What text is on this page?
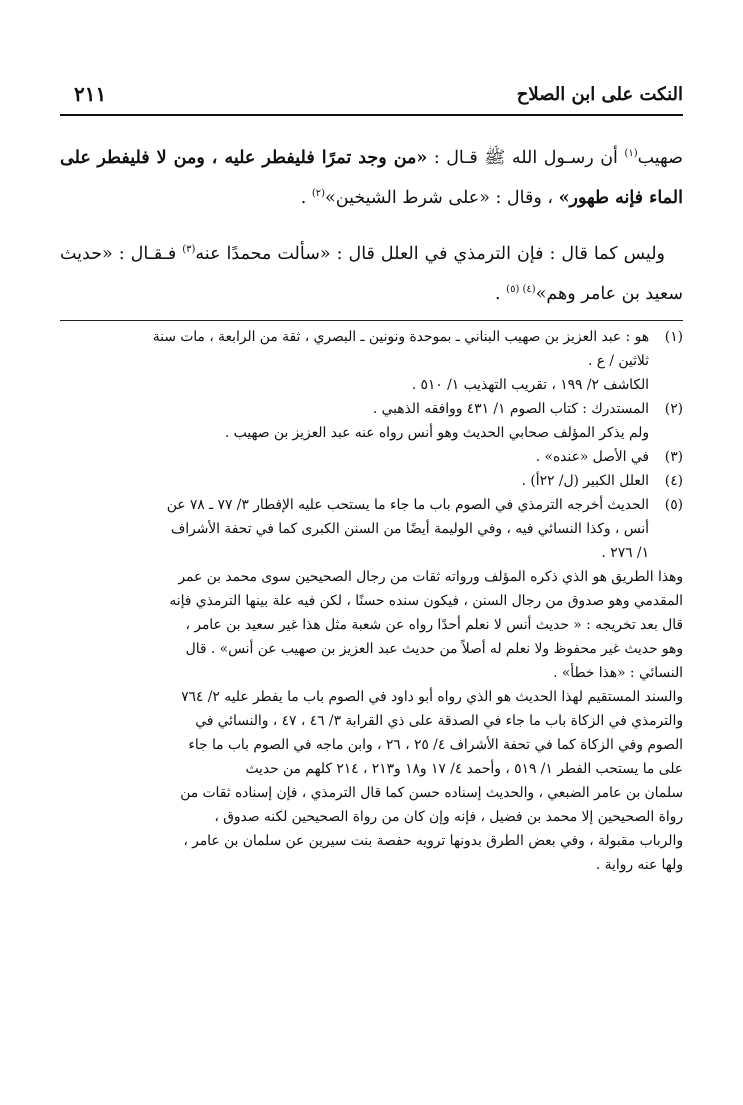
النكت على ابن الصلاح
٢١١

صهيب$^{(١)}$ أن رسـول الله ﷺ قـال : «من وجد تمرًا فليفطر عليه ، ومن لا فليفطر على الماء فإنه طهور» ، وقال : «على شرط الشيخين»$^{(٢)}$ .

وليس كما قال : فإن الترمذي في العلل قال : «سألت محمدًا عنه$^{(٣)}$ فـقـال : «حديث سعيد بن عامر وهم»$^{(٤) (٥)}$ .

(١)
هو : عبد العزيز بن صهيب البناني ـ بموحدة ونونين ـ البصري ، ثقة من الرابعة ، مات سنة
ثلاثين / ع .
الكاشف ٢/ ١٩٩ ، تقريب التهذيب ١/ ٥١٠ .
(٢)
المستدرك : كتاب الصوم ١/ ٤٣١ ووافقه الذهبي .
ولم يذكر المؤلف صحابي الحديث وهو أنس رواه عنه عبد العزيز بن صهيب .
(٣)
في الأصل «عنده» .
(٤)
العلل الكبير (ل/ ٢٢أ) .
(٥)
الحديث أخرجه الترمذي في الصوم باب ما جاء ما يستحب عليه الإفطار ٣/ ٧٧ ـ ٧٨ عن
أنس ، وكذا النسائي فيه ، وفي الوليمة أيضًا من السنن الكبرى كما في تحفة الأشراف
١/ ٢٧٦ .
وهذا الطريق هو الذي ذكره المؤلف ورواته ثقات من رجال الصحيحين سوى محمد بن عمر
المقدمي وهو صدوق من رجال السنن ، فيكون سنده حسنًا ، لكن فيه علة بينها الترمذي فإنه
قال بعد تخريجه : « حديث أنس لا نعلم أحدًا رواه عن شعبة مثل هذا غير سعيد بن عامر ،
وهو حديث غير محفوظ ولا نعلم له أصلاً من حديث عبد العزيز بن صهيب عن أنس» . قال
النسائي : «هذا خطأ» .
والسند المستقيم لهذا الحديث هو الذي رواه أبو داود في الصوم باب ما يفطر عليه ٢/ ٧٦٤
والترمذي في الزكاة باب ما جاء في الصدقة على ذي القرابة ٣/ ٤٦ ، ٤٧ ، والنسائي في
الصوم وفي الزكاة كما في تحفة الأشراف ٤/ ٢٥ ، ٢٦ ، وابن ماجه في الصوم باب ما جاء
على ما يستحب الفطر ١/ ٥١٩ ، وأحمد ٤/ ١٧ و١٨ و٢١٣ ، ٢١٤ كلهم من حديث
سلمان بن عامر الضبعي ، والحديث إسناده حسن كما قال الترمذي ، فإن إسناده ثقات من
رواة الصحيحين إلا محمد بن فضيل ، فإنه وإن كان من رواة الصحيحين لكنه صدوق ،
والرباب مقبولة ، وفي بعض الطرق بدونها ترويه حفصة بنت سيرين عن سلمان بن عامر ،
ولها عنه رواية .
